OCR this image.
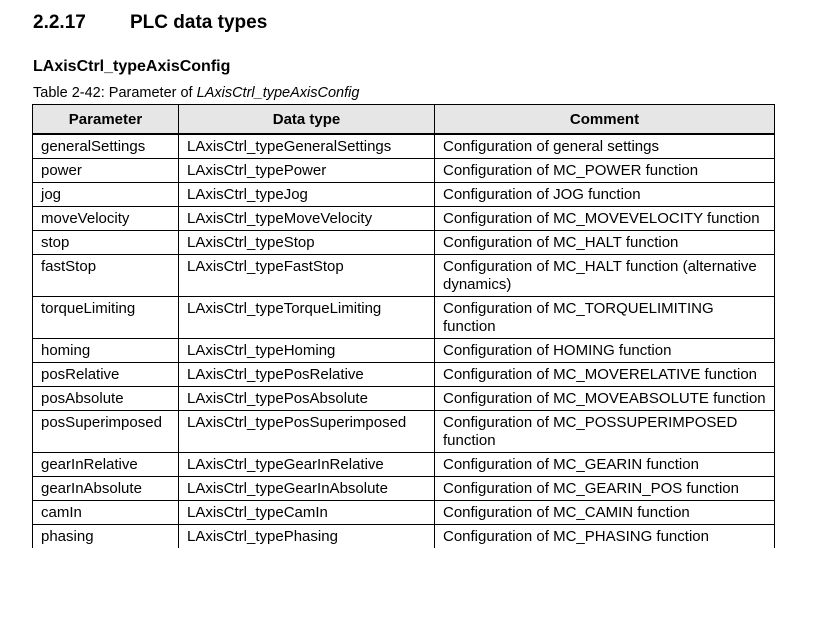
2.2.17 PLC data types
LAxisCtrl_typeAxisConfig
Table 2-42: Parameter of LAxisCtrl_typeAxisConfig
Parameter	Data type	Comment
generalSettings	LAxisCtrl_typeGeneralSettings	Configuration of general settings
power	LAxisCtrl_typePower	Configuration of MC_POWER function
jog	LAxisCtrl_typeJog	Configuration of JOG function
moveVelocity	LAxisCtrl_typeMoveVelocity	Configuration of MC_MOVEVELOCITY function
stop	LAxisCtrl_typeStop	Configuration of MC_HALT function
fastStop	LAxisCtrl_typeFastStop	Configuration of MC_HALT function (alternative dynamics)
torqueLimiting	LAxisCtrl_typeTorqueLimiting	Configuration of MC_TORQUELIMITING function
homing	LAxisCtrl_typeHoming	Configuration of HOMING function
posRelative	LAxisCtrl_typePosRelative	Configuration of MC_MOVERELATIVE function
posAbsolute	LAxisCtrl_typePosAbsolute	Configuration of MC_MOVEABSOLUTE function
posSuperimposed	LAxisCtrl_typePosSuperimposed	Configuration of MC_POSSUPERIMPOSED function
gearInRelative	LAxisCtrl_typeGearInRelative	Configuration of MC_GEARIN function
gearInAbsolute	LAxisCtrl_typeGearInAbsolute	Configuration of MC_GEARIN_POS function
camIn	LAxisCtrl_typeCamIn	Configuration of MC_CAMIN function
phasing	LAxisCtrl_typePhasing	Configuration of MC_PHASING function
